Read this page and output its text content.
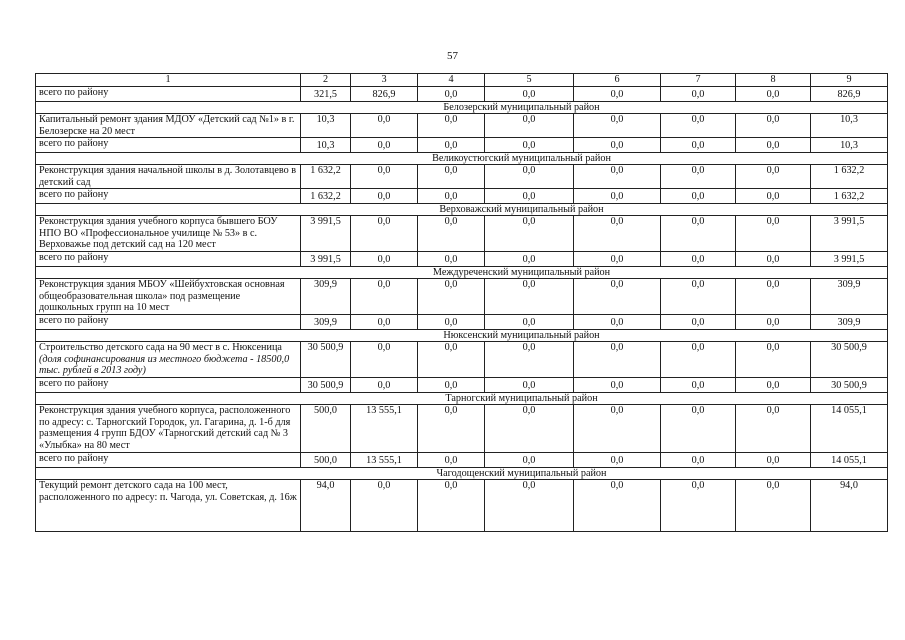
57
1	2	3	4	5	6	7	8	9
всего по району	321,5	826,9	0,0	0,0	0,0	0,0	0,0	826,9
Белозерский муниципальный район								
Капитальный ремонт здания МДОУ «Детский сад №1» в г. Белозерске на 20 мест	10,3	0,0	0,0	0,0	0,0	0,0	0,0	10,3
всего по району	10,3	0,0	0,0	0,0	0,0	0,0	0,0	10,3
Великоустюгский муниципальный район								
Реконструкция здания начальной школы в д. Золотавцево в детский сад	1 632,2	0,0	0,0	0,0	0,0	0,0	0,0	1 632,2
всего по району	1 632,2	0,0	0,0	0,0	0,0	0,0	0,0	1 632,2
Верховажский муниципальный район								
Реконструкция здания учебного корпуса бывшего БОУ НПО ВО «Профессиональное училище № 53» в с. Верховажье под детский сад на 120 мест	3 991,5	0,0	0,0	0,0	0,0	0,0	0,0	3 991,5
всего по району	3 991,5	0,0	0,0	0,0	0,0	0,0	0,0	3 991,5
Междуреченский муниципальный район								
Реконструкция здания МБОУ «Шейбухтовская основная общеобразовательная школа» под размещение дошкольных групп на 10 мест	309,9	0,0	0,0	0,0	0,0	0,0	0,0	309,9
всего по району	309,9	0,0	0,0	0,0	0,0	0,0	0,0	309,9
Нюксенский муниципальный район								
Строительство детского сада на 90 мест в с. Нюксеница (доля софинансирования из местного бюджета - 18500,0 тыс. рублей в 2013 году)	30 500,9	0,0	0,0	0,0	0,0	0,0	0,0	30 500,9
всего по району	30 500,9	0,0	0,0	0,0	0,0	0,0	0,0	30 500,9
Тарногский муниципальный район								
Реконструкция здания учебного корпуса, расположенного по адресу: с. Тарногский Городок, ул. Гагарина, д. 1-б для размещения 4 групп БДОУ «Тарногский детский сад № 3 «Улыбка» на 80 мест	500,0	13 555,1	0,0	0,0	0,0	0,0	0,0	14 055,1
всего по району	500,0	13 555,1	0,0	0,0	0,0	0,0	0,0	14 055,1
Чагодощенский муниципальный район								
Текущий ремонт детского сада на 100 мест, расположенного по адресу: п. Чагода, ул. Советская, д. 16ж	94,0	0,0	0,0	0,0	0,0	0,0	0,0	94,0
